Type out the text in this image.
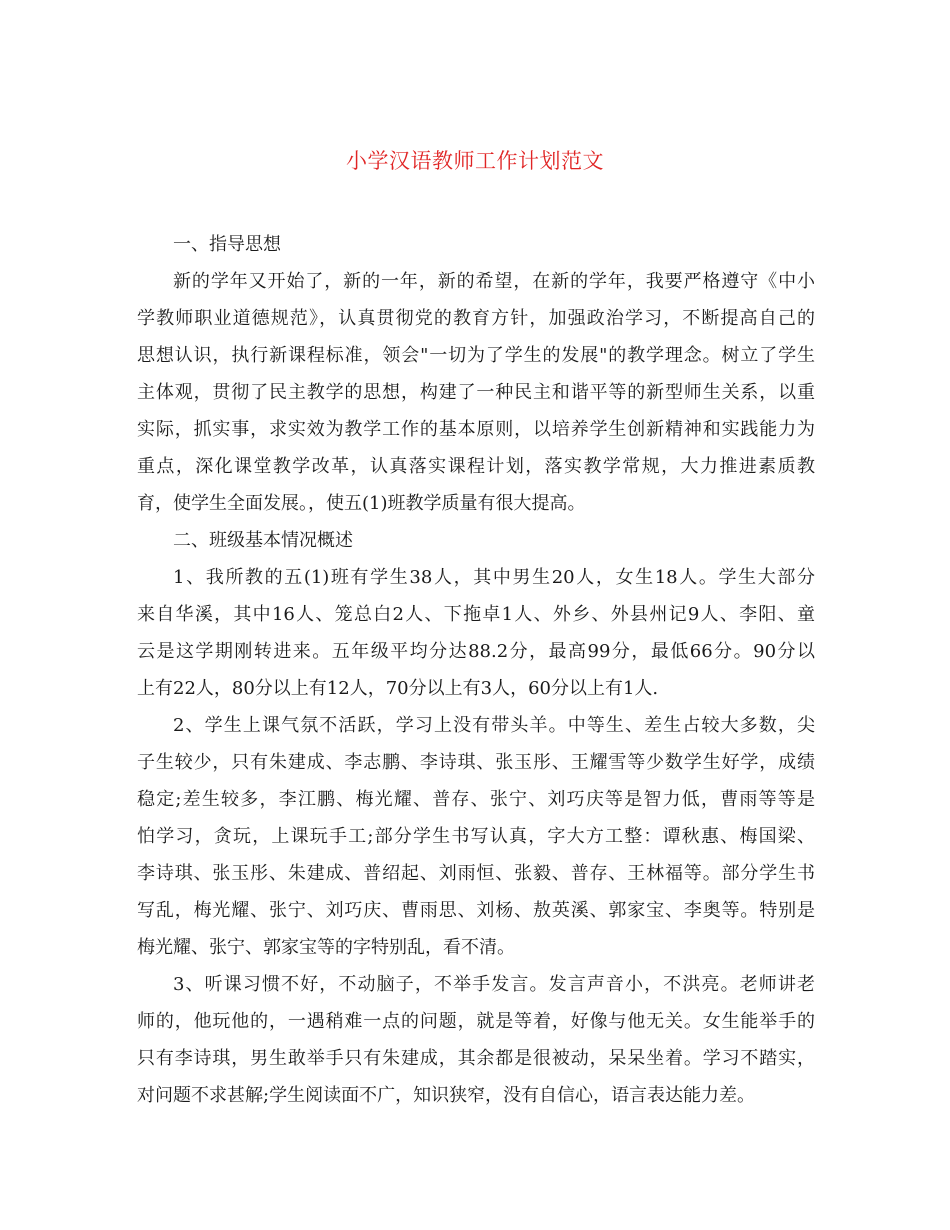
小学汉语教师工作计划范文
一、指导思想

新的学年又开始了，新的一年，新的希望，在新的学年，我要严格遵守《中小
学教师职业道德规范》，认真贯彻党的教育方针，加强政治学习，不断提高自己的
思想认识，执行新课程标准，领会"一切为了学生的发展"的教学理念。树立了学生
主体观，贯彻了民主教学的思想，构建了一种民主和谐平等的新型师生关系，以重
实际，抓实事，求实效为教学工作的基本原则，以培养学生创新精神和实践能力为
重点，深化课堂教学改革，认真落实课程计划，落实教学常规，大力推进素质教
育，使学生全面发展。，使五(1)班教学质量有很大提高。

二、班级基本情况概述

1、我所教的五(1)班有学生38人，其中男生20人，女生18人。学生大部分
来自华溪，其中16人、笼总白2人、下拖卓1人、外乡、外县州记9人、李阳、童
云是这学期刚转进来。五年级平均分达88.2分，最高99分，最低66分。90分以
上有22人，80分以上有12人，70分以上有3人，60分以上有1人.

2、学生上课气氛不活跃，学习上没有带头羊。中等生、差生占较大多数，尖
子生较少，只有朱建成、李志鹏、李诗琪、张玉彤、王耀雪等少数学生好学，成绩
稳定;差生较多，李江鹏、梅光耀、普存、张宁、刘巧庆等是智力低，曹雨等等是
怕学习，贪玩，上课玩手工;部分学生书写认真，字大方工整：谭秋惠、梅国梁、
李诗琪、张玉彤、朱建成、普绍起、刘雨恒、张毅、普存、王林福等。部分学生书
写乱，梅光耀、张宁、刘巧庆、曹雨思、刘杨、敖英溪、郭家宝、李奥等。特别是
梅光耀、张宁、郭家宝等的字特别乱，看不清。

3、听课习惯不好，不动脑子，不举手发言。发言声音小，不洪亮。老师讲老
师的，他玩他的，一遇稍难一点的问题，就是等着，好像与他无关。女生能举手的
只有李诗琪，男生敢举手只有朱建成，其余都是很被动，呆呆坐着。学习不踏实，
对问题不求甚解;学生阅读面不广，知识狭窄，没有自信心，语言表达能力差。
